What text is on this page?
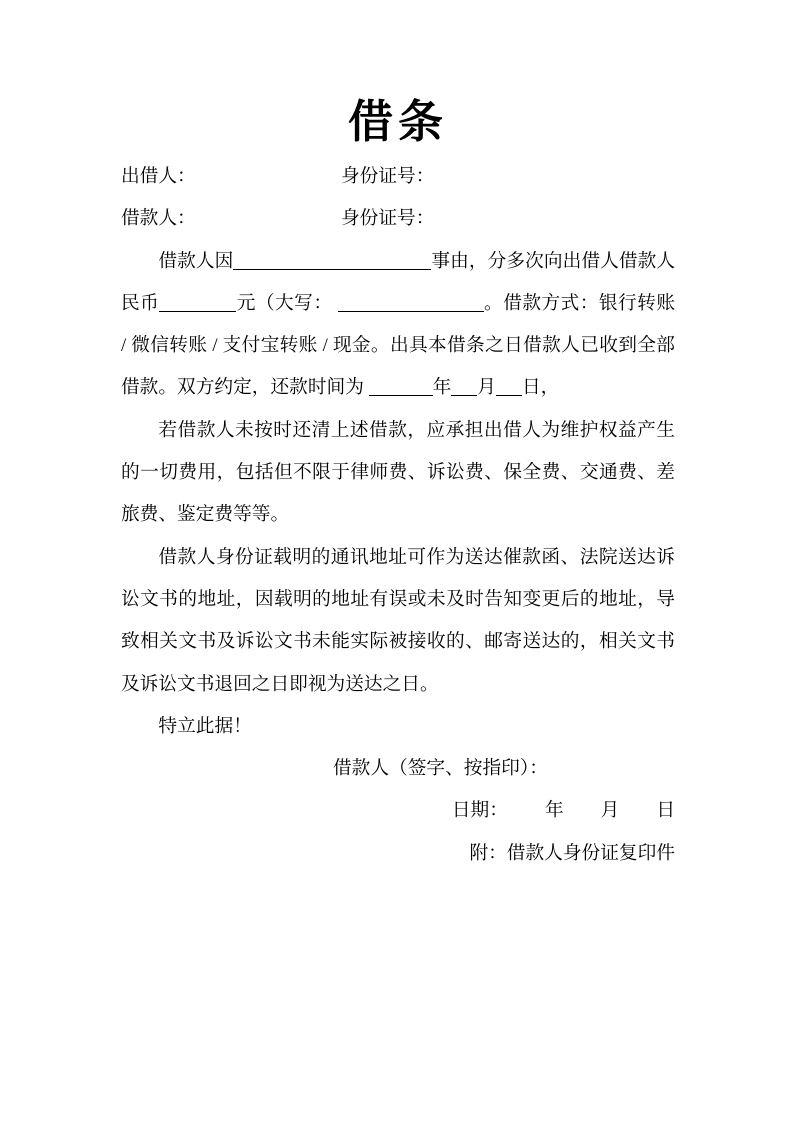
借条
出借人：	身份证号：
借款人：	身份证号：

借款人因	事由，分多次向出借人借款人民币	元（大写：	。借款方式：银行转账 / 微信转账 / 支付宝转账 / 现金。出具本借条之日借款人已收到全部借款。双方约定，还款时间为	年 月 日，

若借款人未按时还清上述借款，应承担出借人为维护权益产生的一切费用，包括但不限于律师费、诉讼费、保全费、交通费、差旅费、鉴定费等等。

借款人身份证载明的通讯地址可作为送达催款函、法院送达诉讼文书的地址，因载明的地址有误或未及时告知变更后的地址，导致相关文书及诉讼文书未能实际被接收的、邮寄送达的，相关文书及诉讼文书退回之日即视为送达之日。

特立此据！

借款人（签字、按指印）：
日期： 年 月 日
附：借款人身份证复印件
